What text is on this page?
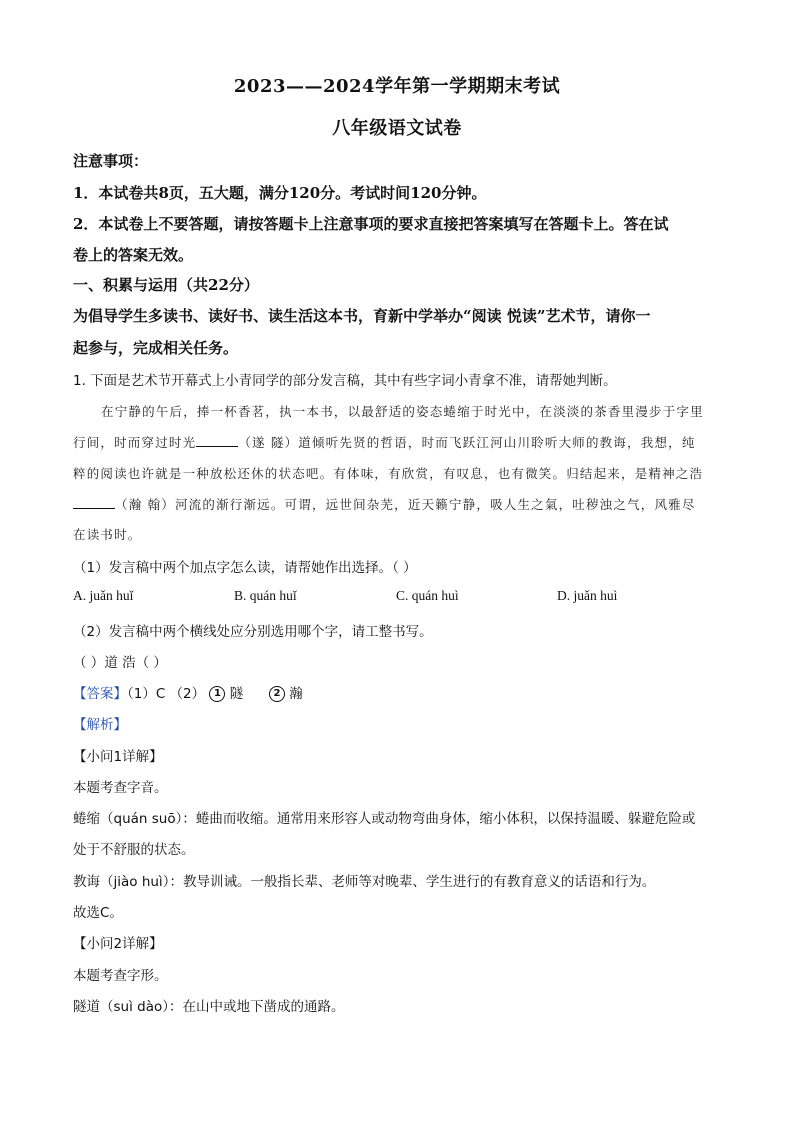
2023——2024学年第一学期期末考试
八年级语文试卷
注意事项：
1．本试卷共8页，五大题，满分120分。考试时间120分钟。
2．本试卷上不要答题，请按答题卡上注意事项的要求直接把答案填写在答题卡上。答在试
卷上的答案无效。
一、积累与运用（共22分）
为倡导学生多读书、读好书、读生活这本书，育新中学举办“阅读 悦读”艺术节，请你一
起参与，完成相关任务。
1. 下面是艺术节开幕式上小青同学的部分发言稿，其中有些字词小青拿不准，请帮她判断。
在宁静的午后，捧一杯香茗，执一本书，以最舒适的姿态蜷缩于时光中，在淡淡的茶香里漫步于字里
行间，时而穿过时光	（遂 隧）道倾听先贤的哲语，时而飞跃江河山川聆听大师的教诲，我想，纯
粹的阅读也许就是一种放松还休的状态吧。有体味，有欣赏，有叹息，也有微笑。归结起来，是精神之浩
（瀚 翰）河流的渐行渐远。可谓，远世间杂芜，近天籁宁静，吸人生之氣，吐秽浊之气，风雅尽
在读书时。
（1）发言稿中两个加点字怎么读，请帮她作出选择。（ ）
A. juǎn huǐ	B. quán huǐ	C. quán huì	D. juǎn huì
（2）发言稿中两个横线处应分别选用哪个字，请工整书写。
（ ）道 浩（ ）
【答案】（1）C （2） 1 隧	2 瀚
【解析】
【小问1详解】
本题考查字音。
蜷缩（quán suō）：蜷曲而收缩。通常用来形容人或动物弯曲身体，缩小体积，以保持温暖、躲避危险或
处于不舒服的状态。
教诲（jiào huì）：教导训诫。一般指长辈、老师等对晚辈、学生进行的有教育意义的话语和行为。
故选C。
【小问2详解】
本题考查字形。
隧道（suì dào）：在山中或地下凿成的通路。
